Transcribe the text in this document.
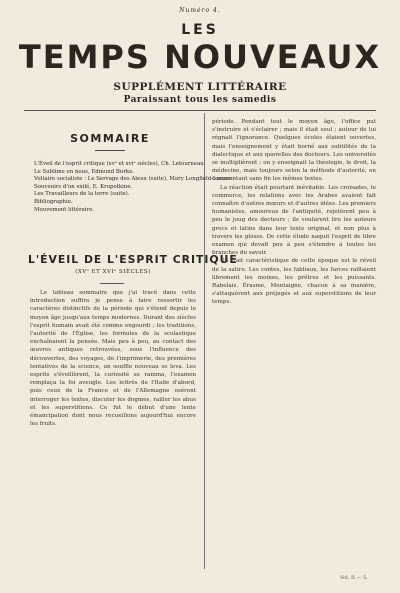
Numéro 4.
LES
TEMPS NOUVEAUX
SUPPLÉMENT LITTÉRAIRE
Paraissant tous les samedis
SOMMAIRE
L'Éveil de l'esprit critique (xvᵉ et xviᵉ siècles), Ch. Letourneau.
Le Sublime en nous, Edmund Burke.
Voltaire socialiste : Le Servage des Aïeux (suite), Mary Longfield-Lacaze.
Souvenirs d'un exilé, E. Kropotkine.
Les Travailleurs de la terre (suite).
Bibliographie.
Mouvement littéraire.
L'ÉVEIL DE L'ESPRIT CRITIQUE
(XVᵉ ET XVIᵉ SIÈCLES)
Le tableau sommaire que j'ai tracé dans cette introduction suffira je pense à faire ressortir les caractères distinctifs de la période qui s'étend depuis le moyen âge jusqu'aux temps modernes. Durant des siècles l'esprit humain avait été comme engourdi ; les traditions, l'autorité de l'Église, les formules de la scolastique enchaînaient la pensée. Mais peu à peu, au contact des œuvres antiques retrouvées, sous l'influence des découvertes, des voyages, de l'imprimerie, des premières tentatives de la science, un souffle nouveau se leva. Les esprits s'éveillèrent, la curiosité se ranima, l'examen remplaça la foi aveugle. Les lettrés de l'Italie d'abord, puis ceux de la France et de l'Allemagne osèrent interroger les textes, discuter les dogmes, railler les abus et les superstitions. Ce fut le début d'une lente émancipation dont nous recueillons aujourd'hui encore les fruits.

période. Pendant tout le moyen âge, l'office put s'instruire et s'éclairer ; mais il était seul ; autour de lui régnait l'ignorance. Quelques écoles étaient ouvertes, mais l'enseignement y était borné aux subtilités de la dialectique et aux querelles des docteurs. Les universités se multiplièrent ; on y enseignait la théologie, le droit, la médecine, mais toujours selon la méthode d'autorité, en commentant sans fin les mêmes textes.

La réaction était pourtant inévitable. Les croisades, le commerce, les relations avec les Arabes avaient fait connaître d'autres mœurs et d'autres idées. Les premiers humanistes, amoureux de l'antiquité, rejetèrent peu à peu le joug des docteurs ; ils voulurent lire les auteurs grecs et latins dans leur texte original, et non plus à travers les gloses. De cette étude naquit l'esprit de libre examen qui devait peu à peu s'étendre à toutes les branches du savoir.

Un trait caractéristique de cette époque est le réveil de la satire. Les contes, les fabliaux, les farces raillaient librement les moines, les prêtres et les puissants. Rabelais, Érasme, Montaigne, chacun à sa manière, s'attaquèrent aux préjugés et aux superstitions de leur temps.

Vol. II — 5.
